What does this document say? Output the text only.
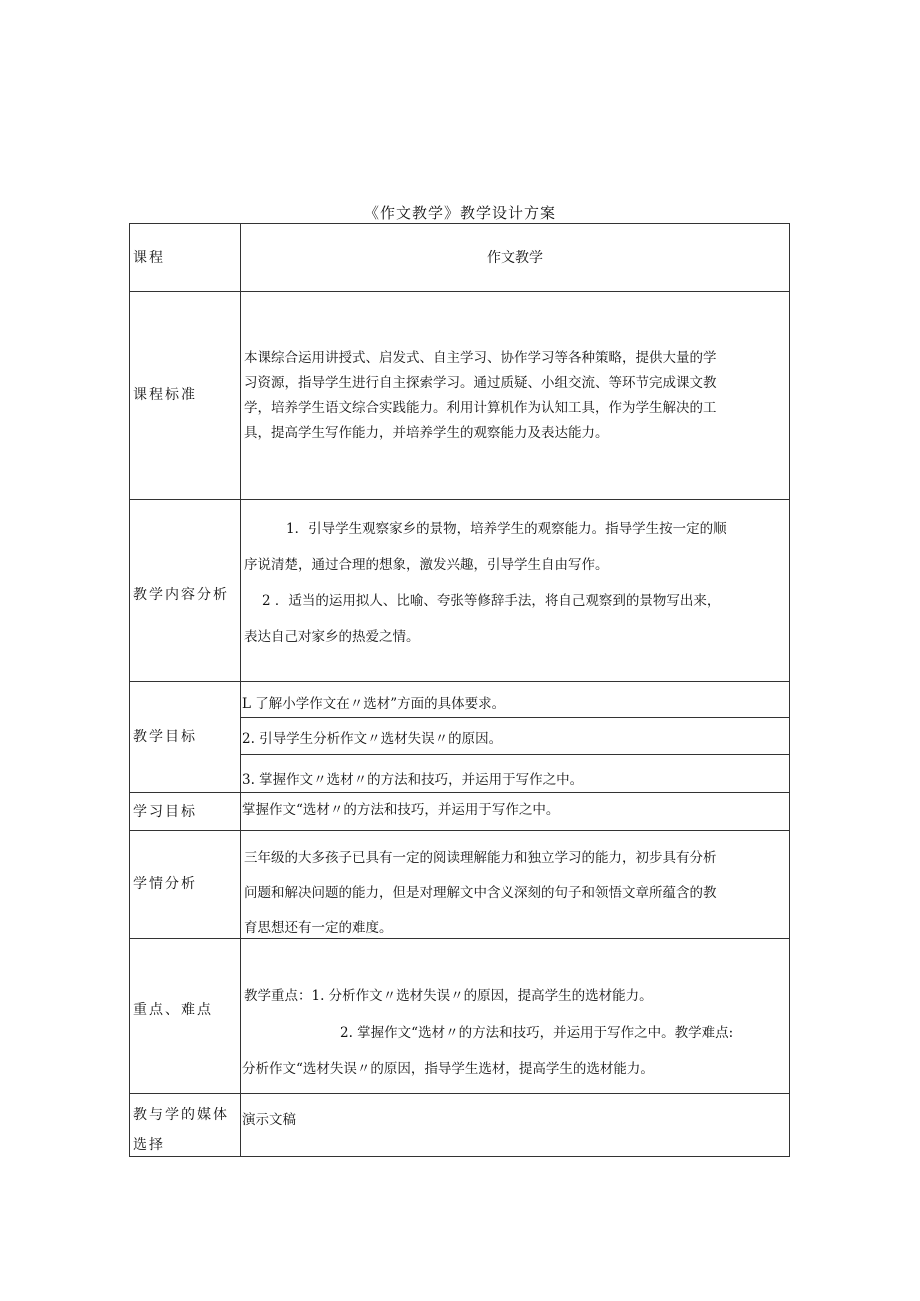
《作文教学》教学设计方案
课程	作文教学
课程标准
本课综合运用讲授式、启发式、自主学习、协作学习等各种策略，提供大量的学
习资源，指导学生进行自主探索学习。通过质疑、小组交流、等环节完成课文教
学，培养学生语文综合实践能力。利用计算机作为认知工具，作为学生解决的工
具，提高学生写作能力，并培养学生的观察能力及表达能力。
教学内容分析
1．引导学生观察家乡的景物，培养学生的观察能力。指导学生按一定的顺
序说清楚，通过合理的想象，激发兴趣，引导学生自由写作。
2 ．适当的运用拟人、比喻、夸张等修辞手法，将自己观察到的景物写出来，
表达自己对家乡的热爱之情。
教学目标
L 了解小学作文在〃选材”方面的具体要求。
2. 引导学生分析作文〃选材失误〃的原因。
3. 掌握作文〃选材〃的方法和技巧，并运用于写作之中。
学习目标	掌握作文“选材〃的方法和技巧，并运用于写作之中。
学情分析
三年级的大多孩子已具有一定的阅读理解能力和独立学习的能力，初步具有分析
问题和解决问题的能力，但是对理解文中含义深刻的句子和领悟文章所蕴含的教
育思想还有一定的难度。
重点、难点
教学重点：1. 分析作文〃选材失误〃的原因，提高学生的选材能力。
2. 掌握作文“选材〃的方法和技巧，并运用于写作之中。教学难点:
分析作文“选材失误〃的原因，指导学生选材，提高学生的选材能力。
教与学的媒体
选择
演示文稿
